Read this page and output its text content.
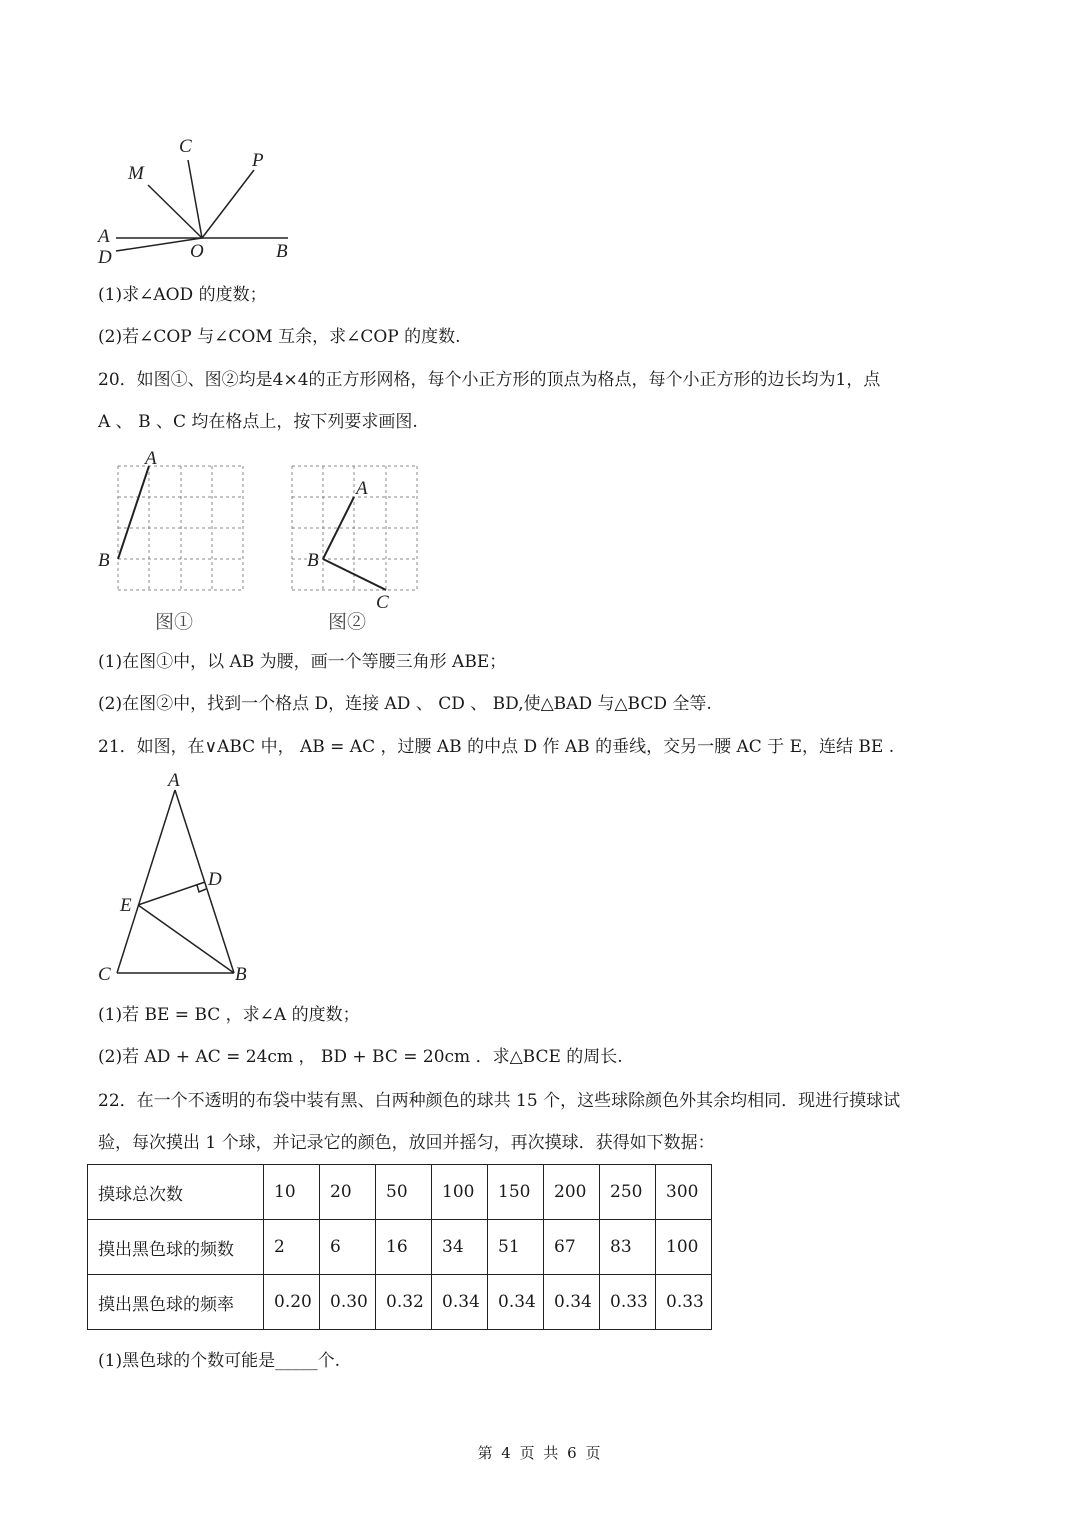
C
M
P
A
D	O	B
(1)求∠AOD 的度数；
(2)若∠COP 与∠COM 互余，求∠COP 的度数.
20．如图①、图②均是4×4的正方形网格，每个小正方形的顶点为格点，每个小正方形的边长均为1，点
A 、 B 、C 均在格点上，按下列要求画图.
A
B
图①
A
B
C
图②
(1)在图①中，以 AB 为腰，画一个等腰三角形 ABE；
(2)在图②中，找到一个格点 D，连接 AD 、 CD 、 BD,使△BAD 与△BCD 全等.
21．如图，在∨ABC 中， AB = AC ，过腰 AB 的中点 D 作 AB 的垂线，交另一腰 AC 于 E，连结 BE .
A
D
E
C	B
(1)若 BE = BC ，求∠A 的度数；
(2)若 AD + AC = 24cm ， BD + BC = 20cm ．求△BCE 的周长.
22．在一个不透明的布袋中装有黑、白两种颜色的球共 15 个，这些球除颜色外其余均相同．现进行摸球试
验，每次摸出 1 个球，并记录它的颜色，放回并摇匀，再次摸球．获得如下数据：
摸球总次数	10	20	50	100	150	200	250	300
摸出黑色球的频数	2	6	16	34	51	67	83	100
摸出黑色球的频率	0.20	0.30	0.32	0.34	0.34	0.34	0.33	0.33
(1)黑色球的个数可能是_____个.
第 4 页 共 6 页
